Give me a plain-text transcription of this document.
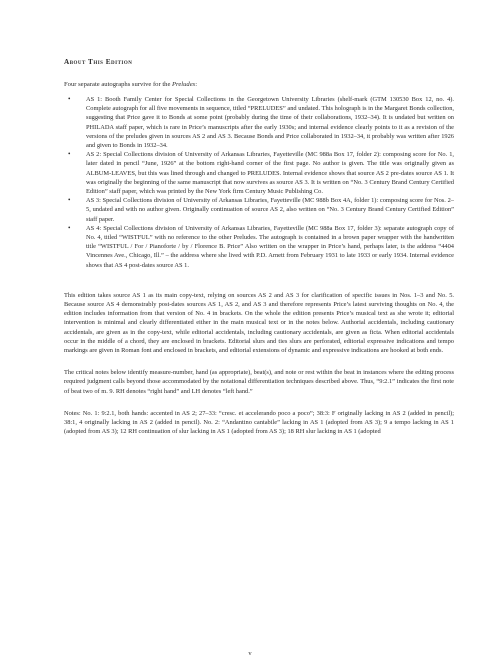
About This Edition

Four separate autographs survive for the Preludes:

• AS 1: Booth Family Center for Special Collections in the Georgetown University Libraries (shelf-mark (GTM 130530 Box 12, no. 4). Complete autograph for all five movements in sequence, titled “PRELUDES” and undated. This holograph is in the Margaret Bonds collection, suggesting that Price gave it to Bonds at some point (probably during the time of their collaborations, 1932–34). It is undated but written on PHILADA staff paper, which is rare in Price’s manuscripts after the early 1930s; and internal evidence clearly points to it as a revision of the versions of the preludes given in sources AS 2 and AS 3. Because Bonds and Price collaborated in 1932–34, it probably was written after 1926 and given to Bonds in 1932–34.
• AS 2: Special Collections division of University of Arkansas Libraries, Fayetteville (MC 988a Box 17, folder 2): composing score for No. 1, later dated in pencil “June, 1926” at the bottom right-hand corner of the first page. No author is given. The title was originally given as ALBUM-LEAVES, but this was lined through and changed to PRELUDES. Internal evidence shows that source AS 2 pre-dates source AS 1. It was originally the beginning of the same manuscript that now survives as source AS 3. It is written on “No. 3 Century Brand Century Certified Edition” staff paper, which was printed by the New York firm Century Music Publishing Co.
• AS 3: Special Collections division of University of Arkansas Libraries, Fayetteville (MC 988b Box 4A, folder 1): composing score for Nos. 2–5, undated and with no author given. Originally continuation of source AS 2, also written on “No. 3 Century Brand Century Certified Edition” staff paper.
• AS 4: Special Collections division of University of Arkansas Libraries, Fayetteville (MC 988a Box 17, folder 3): separate autograph copy of No. 4, titled “WISTFUL” with no reference to the other Preludes. The autograph is contained in a brown paper wrapper with the handwritten title “WISTFUL / For / Pianoforte / by / Florence B. Price” Also written on the wrapper in Price’s hand, perhaps later, is the address “4404 Vincennes Ave., Chicago, Ill.” – the address where she lived with P.D. Arnett from February 1931 to late 1933 or early 1934. Internal evidence shows that AS 4 post-dates source AS 1.

This edition takes source AS 1 as its main copy-text, relying on sources AS 2 and AS 3 for clarification of specific issues in Nos. 1–3 and No. 5. Because source AS 4 demonstrably post-dates sources AS 1, AS 2, and AS 3 and therefore represents Price’s latest surviving thoughts on No. 4, the edition includes information from that version of No. 4 in brackets. On the whole the edition presents Price’s musical text as she wrote it; editorial intervention is minimal and clearly differentiated either in the main musical text or in the notes below. Authorial accidentals, including cautionary accidentals, are given as in the copy-text, while editorial accidentals, including cautionary accidentals, are given as ficta. When editorial accidentals occur in the middle of a chord, they are enclosed in brackets. Editorial slurs and ties slurs are perforated, editorial expressive indications and tempo markings are given in Roman font and enclosed in brackets, and editorial extensions of dynamic and expressive indications are hooked at both ends.

The critical notes below identify measure-number, hand (as appropriate), beat(s), and note or rest within the beat in instances where the editing process required judgment calls beyond those accommodated by the notational differentiation techniques described above. Thus, “9:2.1” indicates the first note of beat two of m. 9. RH denotes “right hand” and LH denotes “left hand.”

Notes: No. 1: 9:2.1, both hands: accented in AS 2; 27–33: “cresc. et accelerando poco a poco”; 38:3: F originally lacking in AS 2 (added in pencil); 38:1, 4 originally lacking in AS 2 (added in pencil). No. 2: “Andantino cantabile” lacking in AS 1 (adopted from AS 3); 9 a tempo lacking in AS 1 (adopted from AS 3); 12 RH continuation of slur lacking in AS 1 (adopted from AS 3); 18 RH slur lacking in AS 1 (adopted

v
